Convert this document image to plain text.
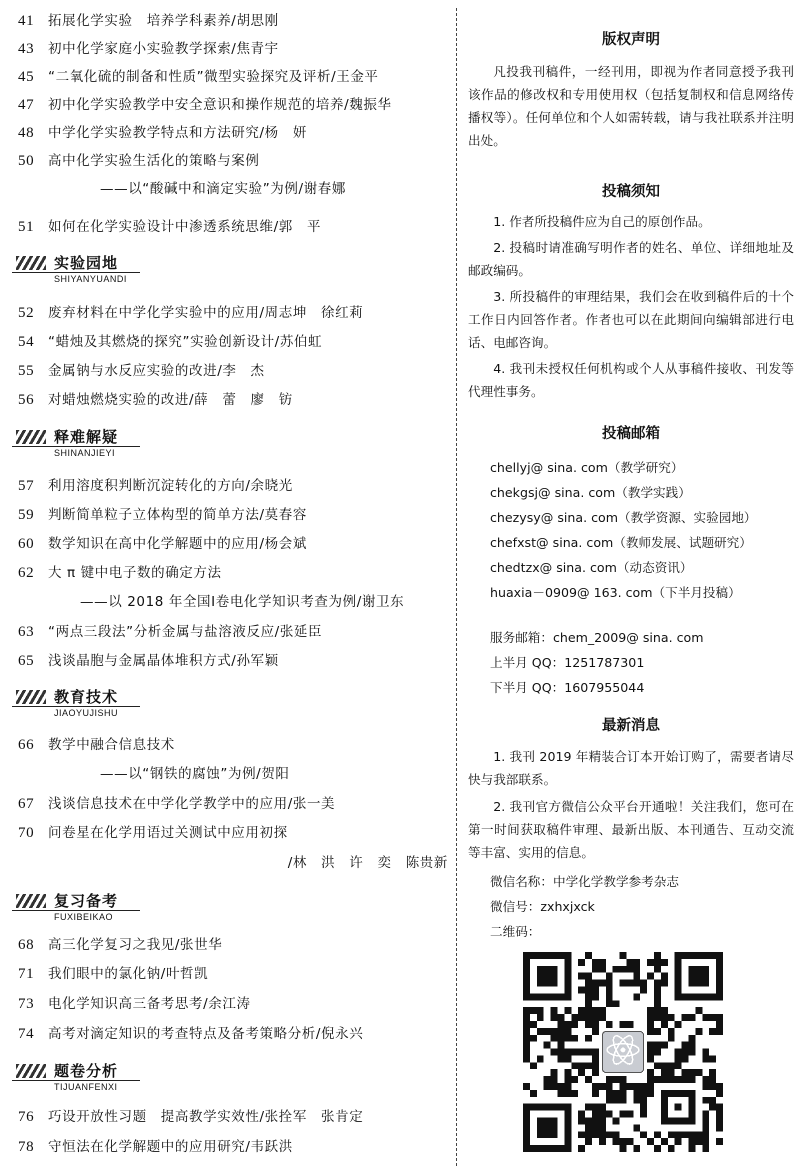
41 拓展化学实验　培养学科素养/胡思刚
43 初中化学家庭小实验教学探索/焦青宇
45 “二氧化硫的制备和性质”微型实验探究及评析/王金平
47 初中化学实验教学中安全意识和操作规范的培养/魏振华
48 中学化学实验教学特点和方法研究/杨　妍
50 高中化学实验生活化的策略与案例
——以“酸碱中和滴定实验”为例/谢春娜
51 如何在化学实验设计中渗透系统思维/郭　平
实验园地
SHIYANYUANDI
52 废弃材料在中学化学实验中的应用/周志坤　徐红莉
54 “蜡烛及其燃烧的探究”实验创新设计/苏伯虹
55 金属钠与水反应实验的改进/李　杰
56 对蜡烛燃烧实验的改进/薛　蕾　廖　钫
释难解疑
SHINANJIEYI
57 利用溶度积判断沉淀转化的方向/余晓光
59 判断简单粒子立体构型的简单方法/莫春容
60 数学知识在高中化学解题中的应用/杨会斌
62 大 π 键中电子数的确定方法
——以 2018 年全国Ⅰ卷电化学知识考查为例/谢卫东
63 “两点三段法”分析金属与盐溶液反应/张延臣
65 浅谈晶胞与金属晶体堆积方式/孙军颖
教育技术
JIAOYUJISHU
66 教学中融合信息技术
——以“钢铁的腐蚀”为例/贺阳
67 浅谈信息技术在中学化学教学中的应用/张一美
70 问卷星在化学用语过关测试中应用初探
/林　洪　许　奕　陈贵新
复习备考
FUXIBEIKAO
68 高三化学复习之我见/张世华
71 我们眼中的氯化钠/叶哲凯
73 电化学知识高三备考思考/余江涛
74 高考对滴定知识的考查特点及备考策略分析/倪永兴
题卷分析
TIJUANFENXI
76 巧设开放性习题　提高教学实效性/张拴军　张肯定
78 守恒法在化学解题中的应用研究/韦跃洪
版权声明
凡投我刊稿件，一经刊用，即视为作者同意授予我刊该作品的修改权和专用使用权（包括复制权和信息网络传播权等）。任何单位和个人如需转载，请与我社联系并注明出处。
投稿须知
1. 作者所投稿件应为自己的原创作品。
2. 投稿时请准确写明作者的姓名、单位、详细地址及邮政编码。
3. 所投稿件的审理结果，我们会在收到稿件后的十个工作日内回答作者。作者也可以在此期间向编辑部进行电话、电邮咨询。
4. 我刊未授权任何机构或个人从事稿件接收、刊发等代理性事务。
投稿邮箱
chellyj@ sina. com（教学研究）
chekgsj@ sina. com（教学实践）
chezysy@ sina. com（教学资源、实验园地）
chefxst@ sina. com（教师发展、试题研究）
chedtzx@ sina. com（动态资讯）
huaxia－0909@ 163. com（下半月投稿）
服务邮箱：chem_2009@ sina. com
上半月 QQ：1251787301
下半月 QQ：1607955044
最新消息
1. 我刊 2019 年精装合订本开始订购了，需要者请尽快与我部联系。
2. 我刊官方微信公众平台开通啦！关注我们，您可在第一时间获取稿件审理、最新出版、本刊通告、互动交流等丰富、实用的信息。
微信名称：中学化学教学参考杂志
微信号：zxhxjxck
二维码：
